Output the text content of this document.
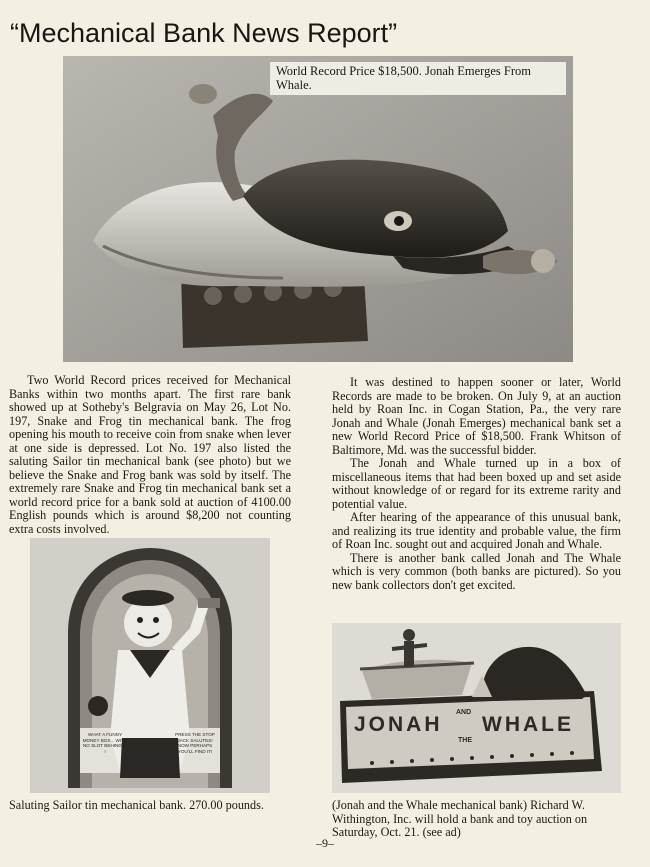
“Mechanical Bank News Report”
World Record Price $18,500. Jonah Emerges From Whale.

Two World Record prices received for Mechanical Banks within two months apart. The first rare bank showed up at Sotheby's Belgravia on May 26, Lot No. 197, Snake and Frog tin mechanical bank. The frog opening his mouth to receive coin from snake when lever at one side is depressed. Lot No. 197 also listed the saluting Sailor tin mechanical bank (see photo) but we believe the Snake and Frog bank was sold by itself. The extremely rare Snake and Frog tin mechanical bank set a world record price for a bank sold at auction of 4100.00 English pounds which is around $8,200 not counting extra costs involved.

It was destined to happen sooner or later, World Records are made to be broken. On July 9, at an auction held by Roan Inc. in Cogan Station, Pa., the very rare Jonah and Whale (Jonah Emerges) mechanical bank set a new World Record Price of $18,500. Frank Whitson of Baltimore, Md. was the successful bidder.

The Jonah and Whale turned up in a box of miscellaneous items that had been boxed up and set aside without knowledge of or regard for its extreme rarity and potential value.

After hearing of the appearance of this unusual bank, and realizing its true identity and probable value, the firm of Roan Inc. sought out and acquired Jonah and Whale.

There is another bank called Jonah and The Whale which is very common (both banks are pictured). So you new bank collectors don't get excited.

WHAT A FUNNY MONEY BOX... WITH NO SLOT BEHIND IT !
PRESS THE STOP JACK SALUTES! NOW PERHAPS YOU'LL FIND IT!
Saluting Sailor tin mechanical bank. 270.00 pounds.
JONAH
AND
THE
WHALE
(Jonah and the Whale mechanical bank) Richard W. Withington, Inc. will hold a bank and toy auction on Saturday, Oct. 21. (see ad)
–9–
